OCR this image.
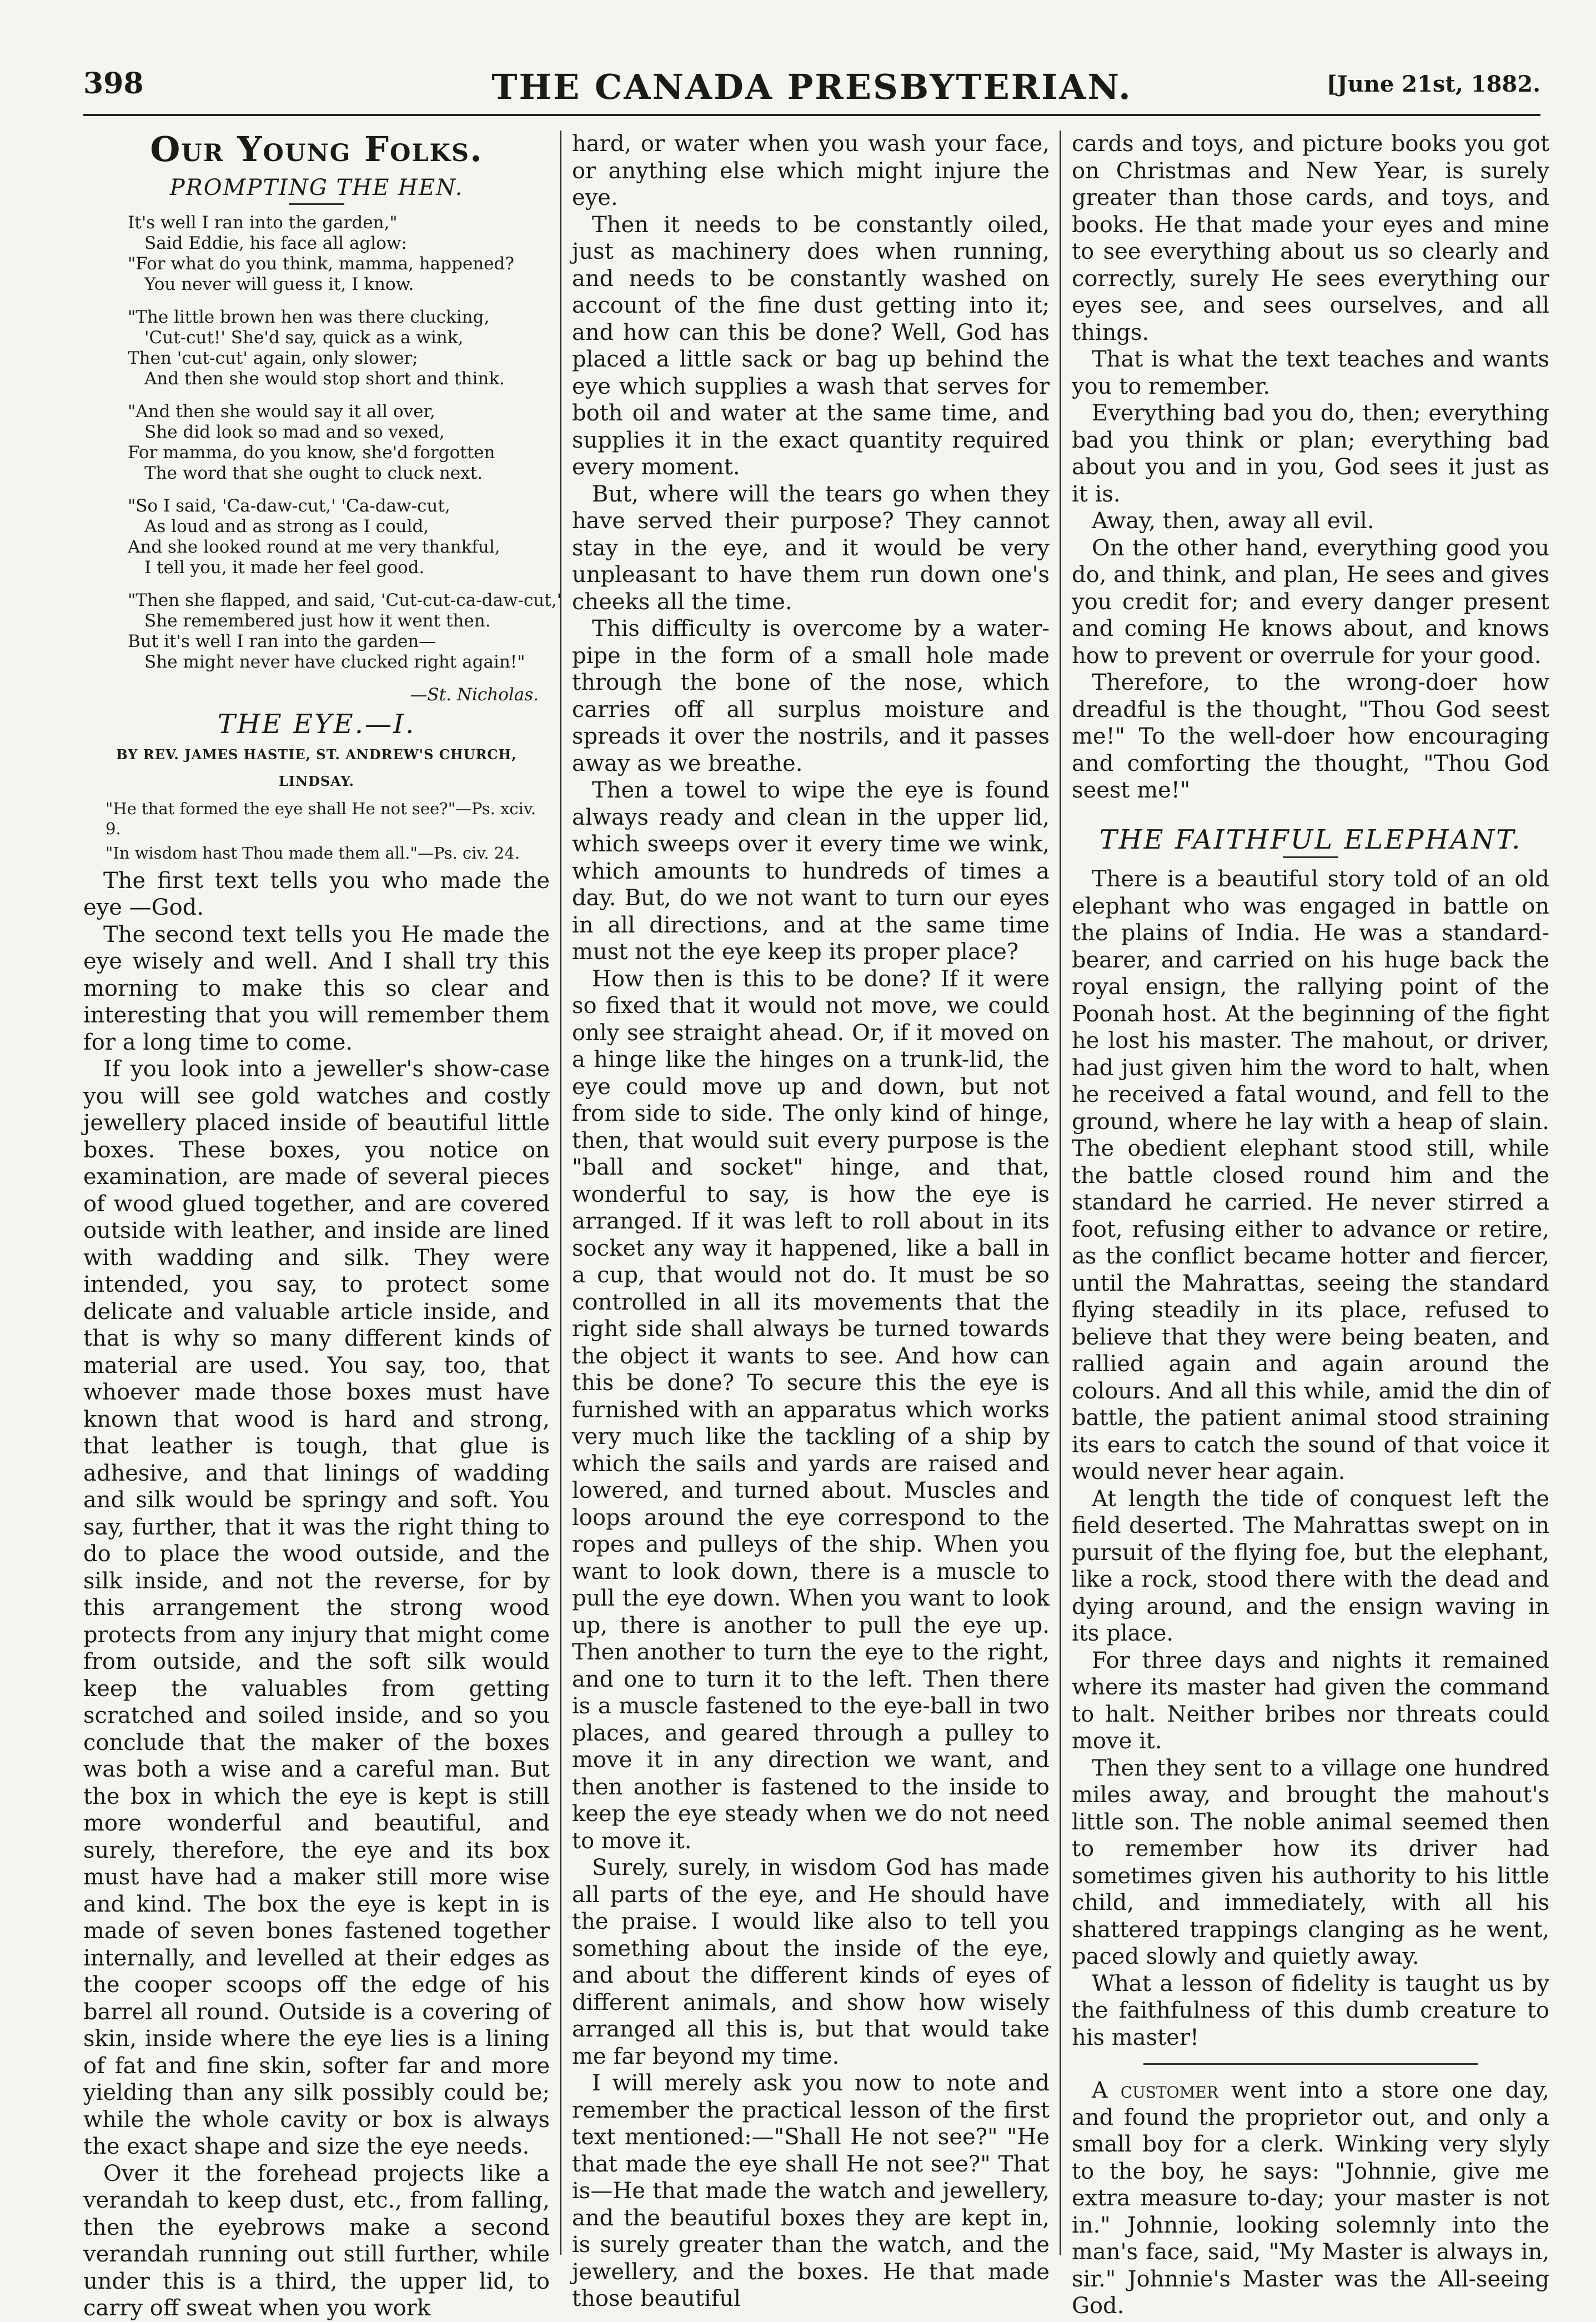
398	THE CANADA PRESBYTERIAN.	[June 21st, 1882.
Our Young Folks.
PROMPTING THE HEN.
It's well I ran into the garden,"
Said Eddie, his face all aglow:
"For what do you think, mamma, happened?
You never will guess it, I know.
"The little brown hen was there clucking,
'Cut-cut!' She'd say, quick as a wink,
Then 'cut-cut' again, only slower;
And then she would stop short and think.
"And then she would say it all over,
She did look so mad and so vexed,
For mamma, do you know, she'd forgotten
The word that she ought to cluck next.
"So I said, 'Ca-daw-cut,' 'Ca-daw-cut,
As loud and as strong as I could,
And she looked round at me very thankful,
I tell you, it made her feel good.
"Then she flapped, and said, 'Cut-cut-ca-daw-cut,'
She remembered just how it went then.
But it's well I ran into the garden—
She might never have clucked right again!"
—St. Nicholas.
THE EYE.—I.
BY REV. JAMES HASTIE, ST. ANDREW'S CHURCH, LINDSAY.
"He that formed the eye shall He not see?"—Ps. xciv. 9.
"In wisdom hast Thou made them all."—Ps. civ. 24.

The first text tells you who made the eye —God.

The second text tells you He made the eye wisely and well. And I shall try this morning to make this so clear and interesting that you will remember them for a long time to come.

If you look into a jeweller's show-case you will see gold watches and costly jewellery placed inside of beautiful little boxes. These boxes, you notice on examination, are made of several pieces of wood glued together, and are covered outside with leather, and inside are lined with wadding and silk. They were intended, you say, to protect some delicate and valuable article inside, and that is why so many different kinds of material are used. You say, too, that whoever made those boxes must have known that wood is hard and strong, that leather is tough, that glue is adhesive, and that linings of wadding and silk would be springy and soft. You say, further, that it was the right thing to do to place the wood outside, and the silk inside, and not the reverse, for by this arrangement the strong wood protects from any injury that might come from outside, and the soft silk would keep the valuables from getting scratched and soiled inside, and so you conclude that the maker of the boxes was both a wise and a careful man. But the box in which the eye is kept is still more wonderful and beautiful, and surely, therefore, the eye and its box must have had a maker still more wise and kind. The box the eye is kept in is made of seven bones fastened together internally, and levelled at their edges as the cooper scoops off the edge of his barrel all round. Outside is a covering of skin, inside where the eye lies is a lining of fat and fine skin, softer far and more yielding than any silk possibly could be; while the whole cavity or box is always the exact shape and size the eye needs.

Over it the forehead projects like a verandah to keep dust, etc., from falling, then the eyebrows make a second verandah running out still further, while under this is a third, the upper lid, to carry off sweat when you work

hard, or water when you wash your face, or anything else which might injure the eye.

Then it needs to be constantly oiled, just as machinery does when running, and needs to be constantly washed on account of the fine dust getting into it; and how can this be done? Well, God has placed a little sack or bag up behind the eye which supplies a wash that serves for both oil and water at the same time, and supplies it in the exact quantity required every moment.

But, where will the tears go when they have served their purpose? They cannot stay in the eye, and it would be very unpleasant to have them run down one's cheeks all the time.

This difficulty is overcome by a water-pipe in the form of a small hole made through the bone of the nose, which carries off all surplus moisture and spreads it over the nostrils, and it passes away as we breathe.

Then a towel to wipe the eye is found always ready and clean in the upper lid, which sweeps over it every time we wink, which amounts to hundreds of times a day. But, do we not want to turn our eyes in all directions, and at the same time must not the eye keep its proper place?

How then is this to be done? If it were so fixed that it would not move, we could only see straight ahead. Or, if it moved on a hinge like the hinges on a trunk-lid, the eye could move up and down, but not from side to side. The only kind of hinge, then, that would suit every purpose is the "ball and socket" hinge, and that, wonderful to say, is how the eye is arranged. If it was left to roll about in its socket any way it happened, like a ball in a cup, that would not do. It must be so controlled in all its movements that the right side shall always be turned towards the object it wants to see. And how can this be done? To secure this the eye is furnished with an apparatus which works very much like the tackling of a ship by which the sails and yards are raised and lowered, and turned about. Muscles and loops around the eye correspond to the ropes and pulleys of the ship. When you want to look down, there is a muscle to pull the eye down. When you want to look up, there is another to pull the eye up. Then another to turn the eye to the right, and one to turn it to the left. Then there is a muscle fastened to the eye-ball in two places, and geared through a pulley to move it in any direction we want, and then another is fastened to the inside to keep the eye steady when we do not need to move it.

Surely, surely, in wisdom God has made all parts of the eye, and He should have the praise. I would like also to tell you something about the inside of the eye, and about the different kinds of eyes of different animals, and show how wisely arranged all this is, but that would take me far beyond my time.

I will merely ask you now to note and remember the practical lesson of the first text mentioned:—"Shall He not see?" "He that made the eye shall He not see?" That is—He that made the watch and jewellery, and the beautiful boxes they are kept in, is surely greater than the watch, and the jewellery, and the boxes. He that made those beautiful

cards and toys, and picture books you got on Christmas and New Year, is surely greater than those cards, and toys, and books. He that made your eyes and mine to see everything about us so clearly and correctly, surely He sees everything our eyes see, and sees ourselves, and all things.

That is what the text teaches and wants you to remember.

Everything bad you do, then; everything bad you think or plan; everything bad about you and in you, God sees it just as it is.

Away, then, away all evil.

On the other hand, everything good you do, and think, and plan, He sees and gives you credit for; and every danger present and coming He knows about, and knows how to prevent or overrule for your good.

Therefore, to the wrong-doer how dreadful is the thought, "Thou God seest me!" To the well-doer how encouraging and comforting the thought, "Thou God seest me!"

THE FAITHFUL ELEPHANT.

There is a beautiful story told of an old elephant who was engaged in battle on the plains of India. He was a standard-bearer, and carried on his huge back the royal ensign, the rallying point of the Poonah host. At the beginning of the fight he lost his master. The mahout, or driver, had just given him the word to halt, when he received a fatal wound, and fell to the ground, where he lay with a heap of slain. The obedient elephant stood still, while the battle closed round him and the standard he carried. He never stirred a foot, refusing either to advance or retire, as the conflict became hotter and fiercer, until the Mahrattas, seeing the standard flying steadily in its place, refused to believe that they were being beaten, and rallied again and again around the colours. And all this while, amid the din of battle, the patient animal stood straining its ears to catch the sound of that voice it would never hear again.

At length the tide of conquest left the field deserted. The Mahrattas swept on in pursuit of the flying foe, but the elephant, like a rock, stood there with the dead and dying around, and the ensign waving in its place.

For three days and nights it remained where its master had given the command to halt. Neither bribes nor threats could move it.

Then they sent to a village one hundred miles away, and brought the mahout's little son. The noble animal seemed then to remember how its driver had sometimes given his authority to his little child, and immediately, with all his shattered trappings clanging as he went, paced slowly and quietly away.

What a lesson of fidelity is taught us by the faithfulness of this dumb creature to his master!

A customer went into a store one day, and found the proprietor out, and only a small boy for a clerk. Winking very slyly to the boy, he says: "Johnnie, give me extra measure to-day; your master is not in." Johnnie, looking solemnly into the man's face, said, "My Master is always in, sir." Johnnie's Master was the All-seeing God.
